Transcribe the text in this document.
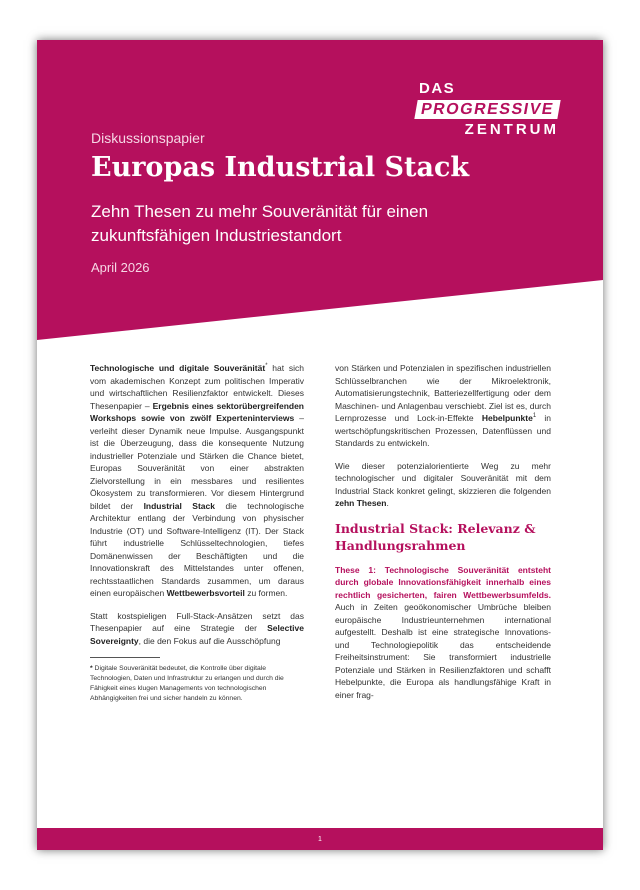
DAS
PROGRESSIVE
ZENTRUM
Diskussionspapier
Europas Industrial Stack
Zehn Thesen zu mehr Souveränität für einen zukunftsfähigen Industriestandort
April 2026

Technologische und digitale Souveränität* hat sich vom akademischen Konzept zum politischen Imperativ und wirtschaftlichen Resilienzfaktor entwickelt. Dieses Thesenpapier – Ergebnis eines sektorübergreifenden Workshops sowie von zwölf Experteninterviews – verleiht dieser Dynamik neue Impulse. Ausgangspunkt ist die Überzeugung, dass die konsequente Nutzung industrieller Potenziale und Stärken die Chance bietet, Europas Souveränität von einer abstrakten Zielvorstellung in ein messbares und resilientes Ökosystem zu transformieren. Vor diesem Hintergrund bildet der Industrial Stack die technologische Architektur entlang der Verbindung von physischer Industrie (OT) und Software-Intelligenz (IT). Der Stack führt industrielle Schlüsseltechnologien, tiefes Domänenwissen der Beschäftigten und die Innovationskraft des Mittelstandes unter offenen, rechtsstaatlichen Standards zusammen, um daraus einen europäischen Wettbewerbsvorteil zu formen.

Statt kostspieligen Full-Stack-Ansätzen setzt das Thesenpapier auf eine Strategie der Selective Sovereignty, die den Fokus auf die Ausschöpfung

* Digitale Souveränität bedeutet, die Kontrolle über digitale Technologien, Daten und Infrastruktur zu erlangen und durch die Fähigkeit eines klugen Managements von technologischen Abhängigkeiten frei und sicher handeln zu können.

von Stärken und Potenzialen in spezifischen industriellen Schlüsselbranchen wie der Mikroelektronik, Automatisierungstechnik, Batteriezellfertigung oder dem Maschinen- und Anlagenbau verschiebt. Ziel ist es, durch Lernprozesse und Lock-in-Effekte Hebelpunkte$^1$ in wertschöpfungskritischen Prozessen, Datenflüssen und Standards zu entwickeln.

Wie dieser potenzialorientierte Weg zu mehr technologischer und digitaler Souveränität mit dem Industrial Stack konkret gelingt, skizzieren die folgenden zehn Thesen.

Industrial Stack: Relevanz & Handlungsrahmen

These 1: Technologische Souveränität entsteht durch globale Innovationsfähigkeit innerhalb eines rechtlich gesicherten, fairen Wettbewerbsumfelds. Auch in Zeiten geoökonomischer Umbrüche bleiben europäische Industrieunternehmen international aufgestellt. Deshalb ist eine strategische Innovations- und Technologiepolitik das entscheidende Freiheitsinstrument: Sie transformiert industrielle Potenziale und Stärken in Resilienzfaktoren und schafft Hebelpunkte, die Europa als handlungsfähige Kraft in einer frag-

1
